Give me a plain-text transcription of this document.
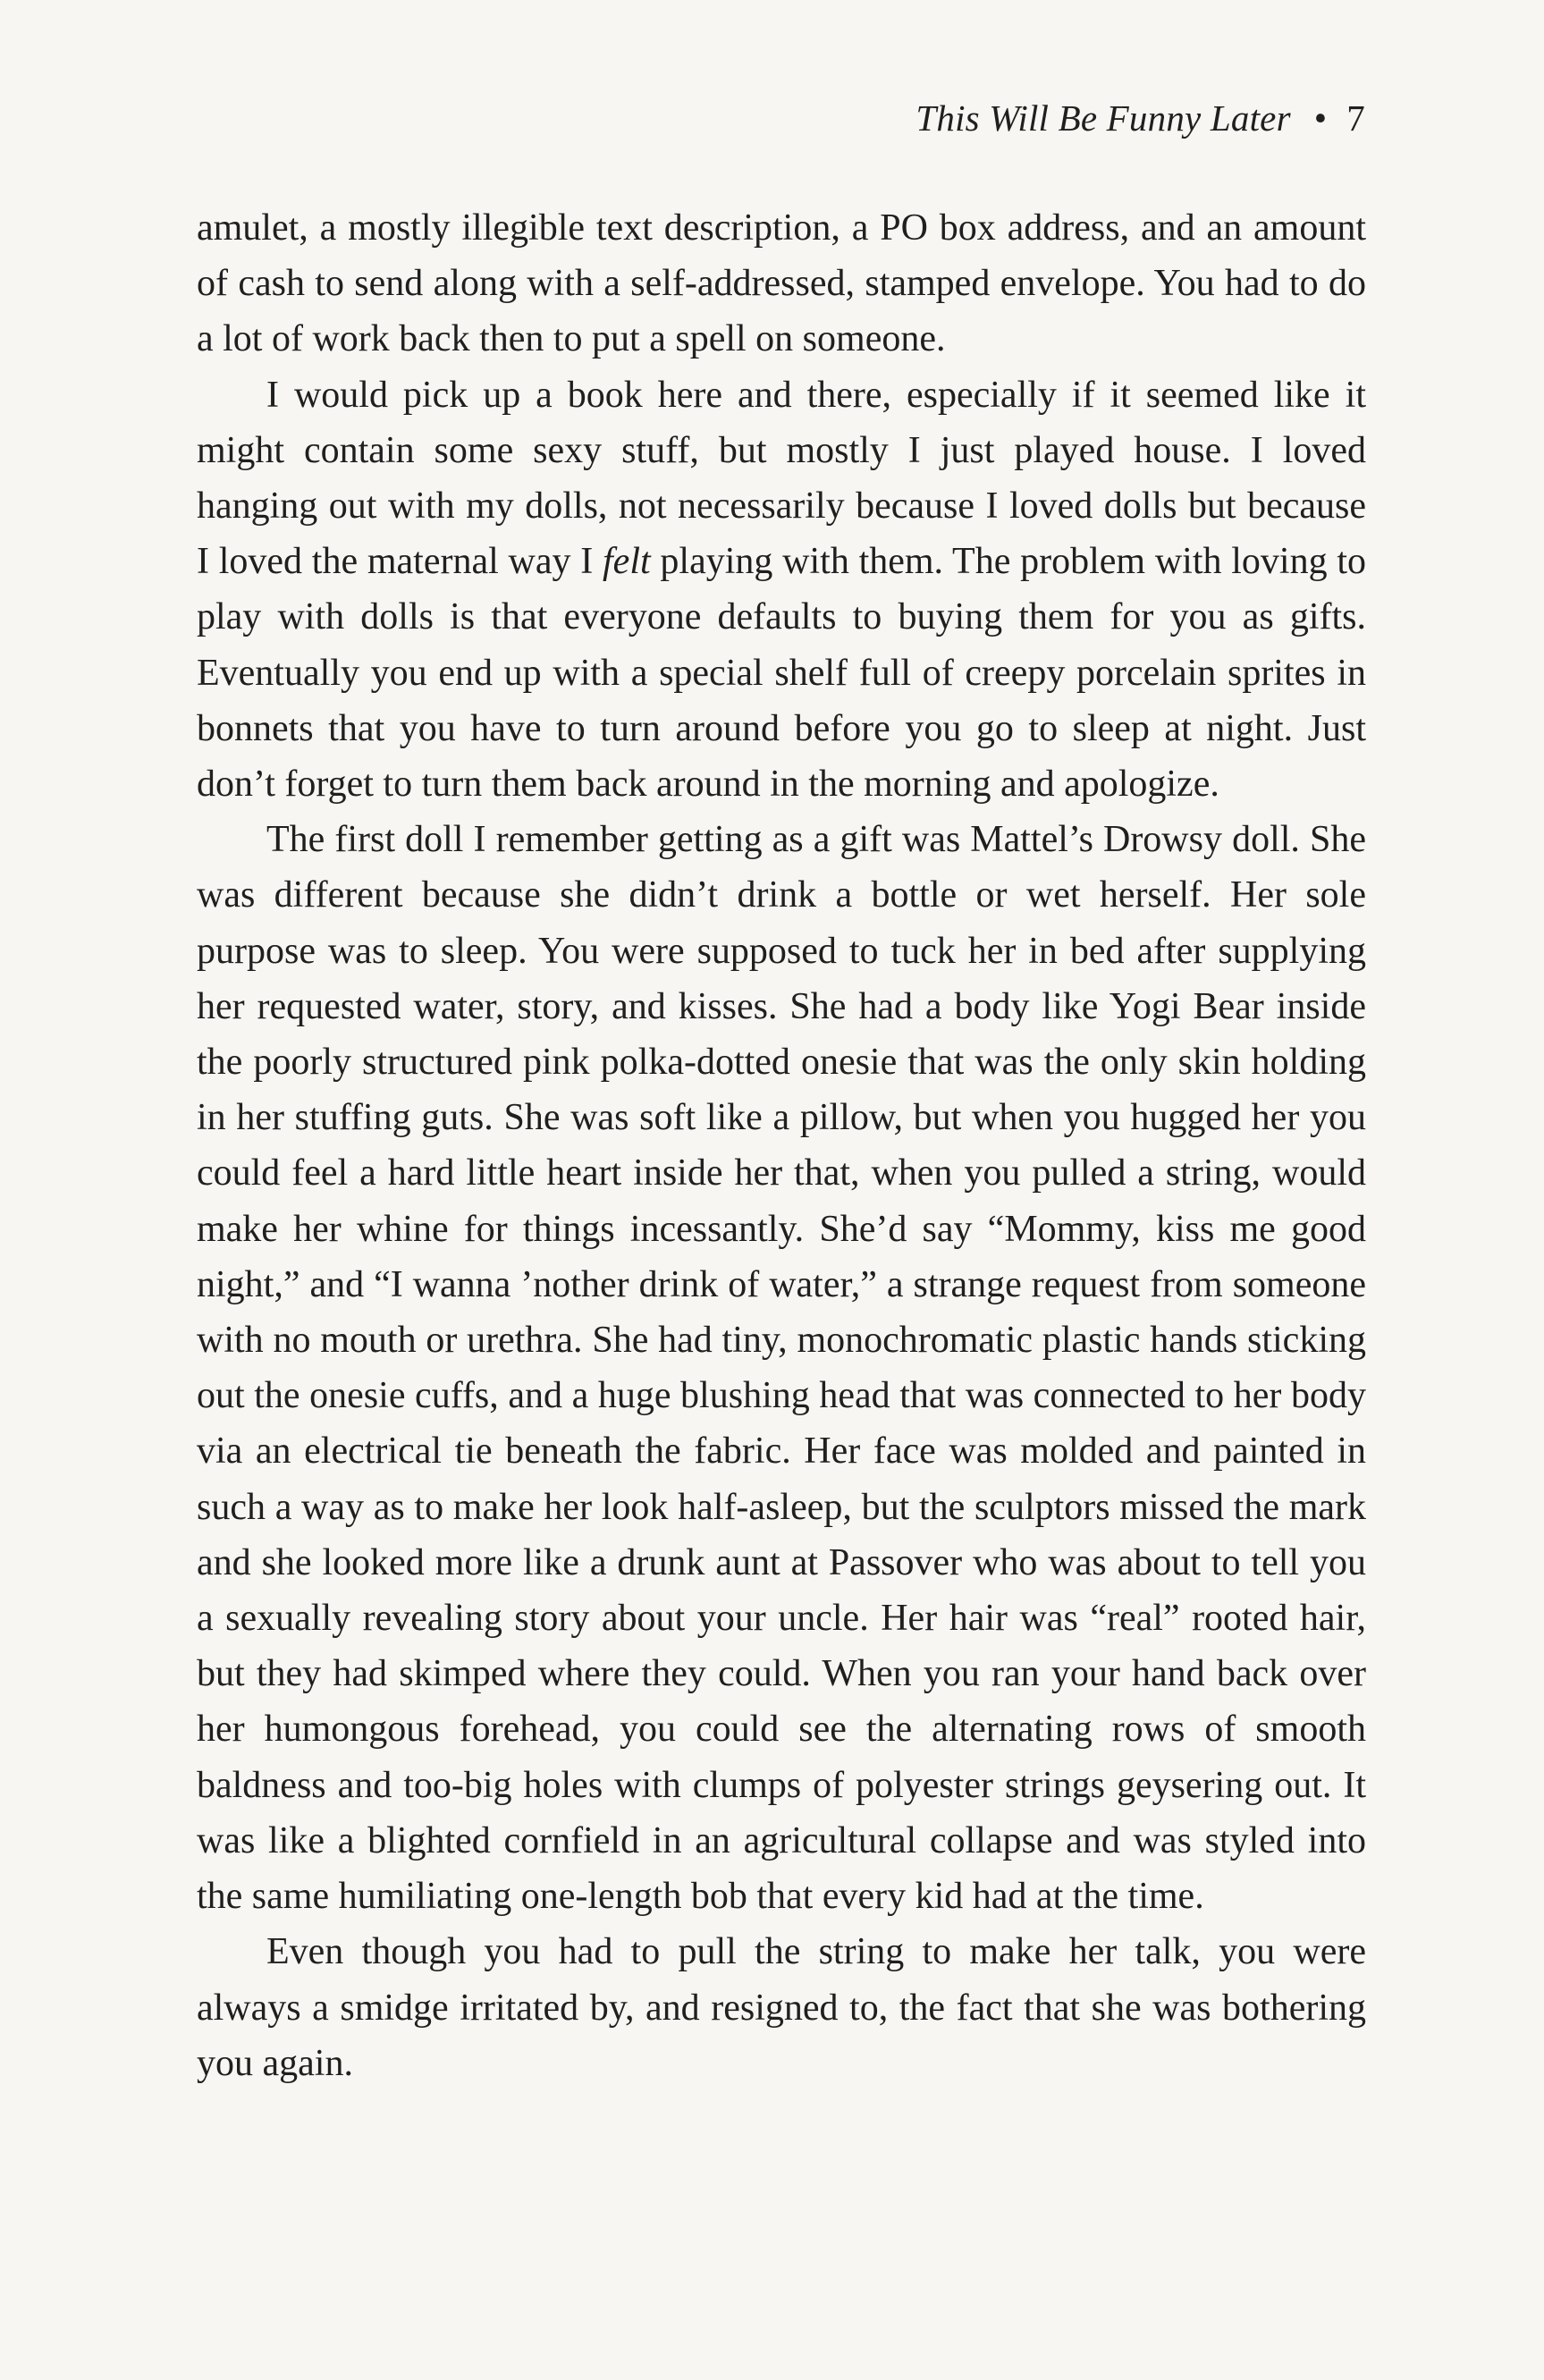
This Will Be Funny Later • 7

amulet, a mostly illegible text description, a PO box address, and an amount of cash to send along with a self-addressed, stamped envelope. You had to do a lot of work back then to put a spell on someone.

I would pick up a book here and there, especially if it seemed like it might contain some sexy stuff, but mostly I just played house. I loved hanging out with my dolls, not necessarily because I loved dolls but because I loved the maternal way I felt playing with them. The problem with loving to play with dolls is that everyone defaults to buying them for you as gifts. Eventually you end up with a special shelf full of creepy porcelain sprites in bonnets that you have to turn around before you go to sleep at night. Just don’t forget to turn them back around in the morning and apologize.

The first doll I remember getting as a gift was Mattel’s Drowsy doll. She was different because she didn’t drink a bottle or wet herself. Her sole purpose was to sleep. You were supposed to tuck her in bed after supplying her requested water, story, and kisses. She had a body like Yogi Bear inside the poorly structured pink polka-dotted onesie that was the only skin holding in her stuffing guts. She was soft like a pillow, but when you hugged her you could feel a hard little heart inside her that, when you pulled a string, would make her whine for things incessantly. She’d say “Mommy, kiss me good night,” and “I wanna ’nother drink of water,” a strange request from someone with no mouth or urethra. She had tiny, monochromatic plastic hands sticking out the onesie cuffs, and a huge blushing head that was connected to her body via an electrical tie beneath the fabric. Her face was molded and painted in such a way as to make her look half-asleep, but the sculptors missed the mark and she looked more like a drunk aunt at Passover who was about to tell you a sexually revealing story about your uncle. Her hair was “real” rooted hair, but they had skimped where they could. When you ran your hand back over her humongous forehead, you could see the alternating rows of smooth baldness and too-big holes with clumps of polyester strings geysering out. It was like a blighted cornfield in an agricultural collapse and was styled into the same humiliating one-length bob that every kid had at the time.

Even though you had to pull the string to make her talk, you were always a smidge irritated by, and resigned to, the fact that she was bothering you again.
